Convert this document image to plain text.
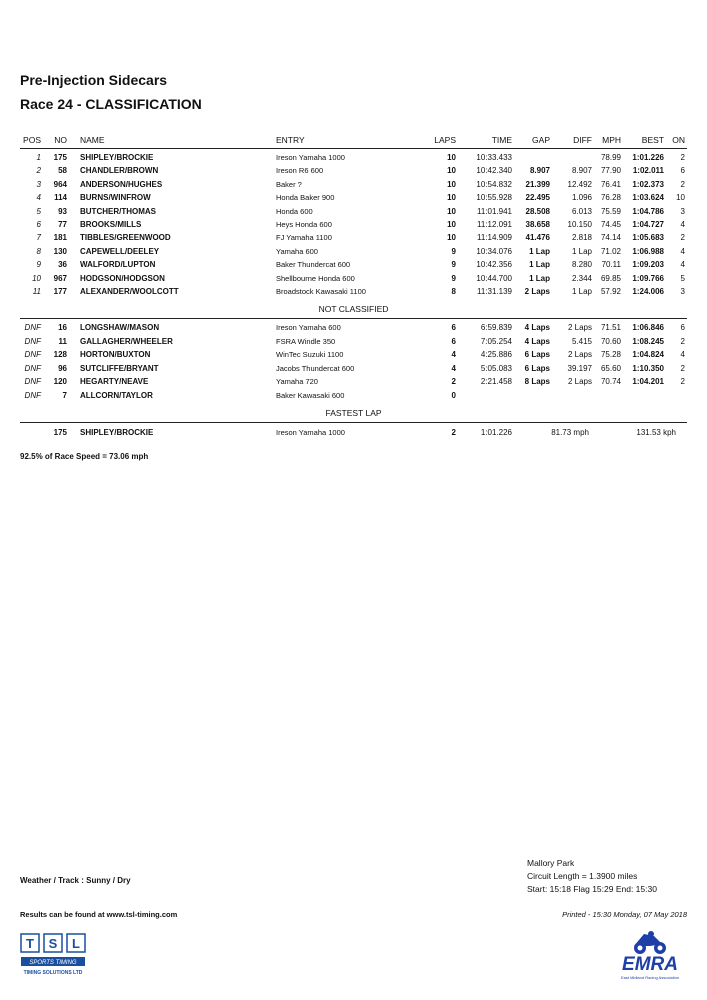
Pre-Injection Sidecars
Race 24 - CLASSIFICATION
POS NO NAME	ENTRY	LAPS	TIME GAP	DIFF MPH BEST ON
1 175 SHIPLEY/BROCKIE	Ireson Yamaha 1000	10	10:33.433	78.99 1:01.226 2
2 58 CHANDLER/BROWN	Ireson R6 600	10	10:42.340 8.907	8.907 77.90 1:02.011 6
3 964 ANDERSON/HUGHES	Baker ?	10	10:54.832 21.399 12.492 76.41 1:02.373 2
4 114 BURNS/WINFROW	Honda Baker 900	10	10:55.928 22.495	1.096 76.28 1:03.624 10
5 93 BUTCHER/THOMAS	Honda 600	10	11:01.941 28.508	6.013 75.59 1:04.786 3
6 77 BROOKS/MILLS	Heys Honda 600	10	11:12.091 38.658 10.150 74.45 1:04.727 4
7 181 TIBBLES/GREENWOOD	FJ Yamaha 1100	10	11:14.909 41.476	2.818 74.14 1:05.683 2
8 130 CAPEWELL/DEELEY	Yamaha 600	9	10:34.076 1 Lap	1 Lap 71.02 1:06.988 4
9 36 WALFORD/LUPTON	Baker Thundercat 600	9	10:42.356 1 Lap	8.280 70.11 1:09.203 4
10 967 HODGSON/HODGSON	Shellbourne Honda 600	9	10:44.700 1 Lap	2.344 69.85 1:09.766 5
11 177 ALEXANDER/WOOLCOTT	Broadstock Kawasaki 1100	8	11:31.139 2 Laps	1 Lap 57.92 1:24.006 3
NOT CLASSIFIED
DNF 16 LONGSHAW/MASON	Ireson Yamaha 600	6	6:59.839 4 Laps 2 Laps 71.51 1:06.846 6
DNF 11 GALLAGHER/WHEELER	FSRA Windle 350	6	7:05.254 4 Laps	5.415 70.60 1:08.245 2
DNF 128 HORTON/BUXTON	WinTec Suzuki 1100	4	4:25.886 6 Laps 2 Laps 75.28 1:04.824 4
DNF 96 SUTCLIFFE/BRYANT	Jacobs Thundercat 600	4	5:05.083 6 Laps 39.197 65.60 1:10.350 2
DNF 120 HEGARTY/NEAVE	Yamaha 720	2	2:21.458 8 Laps 2 Laps 70.74 1:04.201 2
DNF	7 ALLCORN/TAYLOR	Baker Kawasaki 600	0
FASTEST LAP
175 SHIPLEY/BROCKIE	Ireson Yamaha 1000	2	1:01.226	81.73 mph	131.53 kph
92.5% of Race Speed = 73.06 mph
Mallory Park
Circuit Length = 1.3900 miles
Start: 15:18 Flag 15:29 End: 15:30
Weather / Track : Sunny / Dry
Results can be found at www.tsl-timing.com	Printed - 15:30 Monday, 07 May 2018
T S L
SPORTS TIMING
TIMING SOLUTIONS LTD	EMRA
East Midland Racing Association
